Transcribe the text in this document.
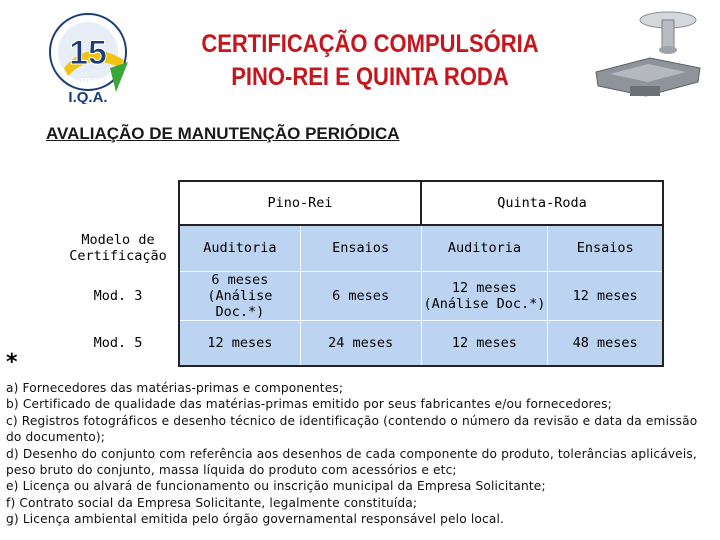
15
anos
I.Q.A.
CERTIFICAÇÃO COMPULSÓRIA
PINO-REI E QUINTA RODA
AVALIAÇÃO DE MANUTENÇÃO PERIÓDICA
	Pino-Rei		Quinta-Roda	
Modelo de Certificação	Auditoria	Ensaios	Auditoria	Ensaios
Mod. 3	6 meses (Análise Doc.*)	6 meses	12 meses (Análise Doc.*)	12 meses
Mod. 5	12 meses	24 meses	12 meses	48 meses
*

a) Fornecedores das matérias-primas e componentes;

b) Certificado de qualidade das matérias-primas emitido por seus fabricantes e/ou fornecedores;

c) Registros fotográficos e desenho técnico de identificação (contendo o número da revisão e data da emissão do documento);

d) Desenho do conjunto com referência aos desenhos de cada componente do produto, tolerâncias aplicáveis, peso bruto do conjunto, massa líquida do produto com acessórios e etc;

e) Licença ou alvará de funcionamento ou inscrição municipal da Empresa Solicitante;

f) Contrato social da Empresa Solicitante, legalmente constituída;

g) Licença ambiental emitida pelo órgão governamental responsável pelo local.
